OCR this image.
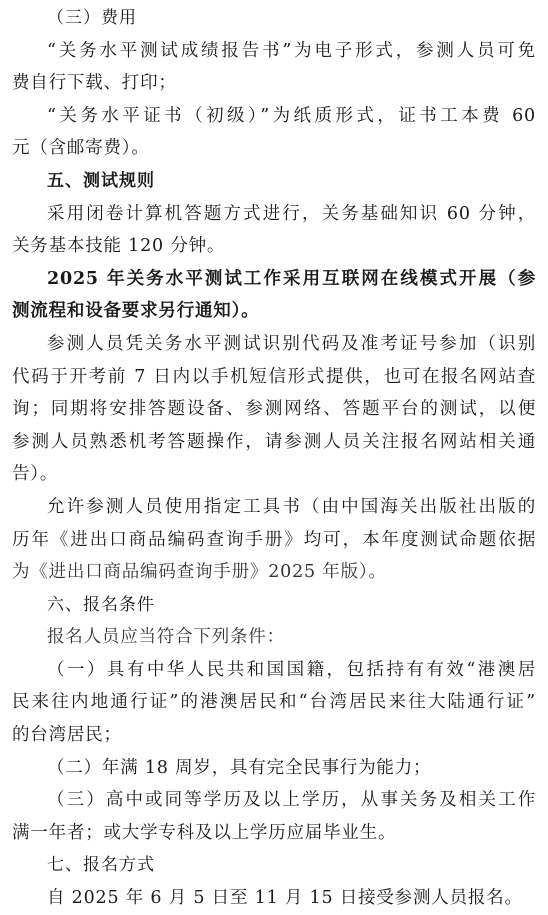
（三）费用
“关务水平测试成绩报告书”为电子形式，参测人员可免
费自行下载、打印；
“关务水平证书（初级）”为纸质形式，证书工本费 60
元（含邮寄费）。
五、测试规则
采用闭卷计算机答题方式进行，关务基础知识 60 分钟，
关务基本技能 120 分钟。
2025 年关务水平测试工作采用互联网在线模式开展（参
测流程和设备要求另行通知）。
参测人员凭关务水平测试识别代码及准考证号参加（识别
代码于开考前 7 日内以手机短信形式提供，也可在报名网站查
询；同期将安排答题设备、参测网络、答题平台的测试，以便
参测人员熟悉机考答题操作，请参测人员关注报名网站相关通
告）。
允许参测人员使用指定工具书（由中国海关出版社出版的
历年《进出口商品编码查询手册》均可，本年度测试命题依据
为《进出口商品编码查询手册》2025 年版）。
六、报名条件
报名人员应当符合下列条件：
（一）具有中华人民共和国国籍，包括持有有效“港澳居
民来往内地通行证”的港澳居民和“台湾居民来往大陆通行证”
的台湾居民；
（二）年满 18 周岁，具有完全民事行为能力；
（三）高中或同等学历及以上学历，从事关务及相关工作
满一年者；或大学专科及以上学历应届毕业生。
七、报名方式
自 2025 年 6 月 5 日至 11 月 15 日接受参测人员报名。
